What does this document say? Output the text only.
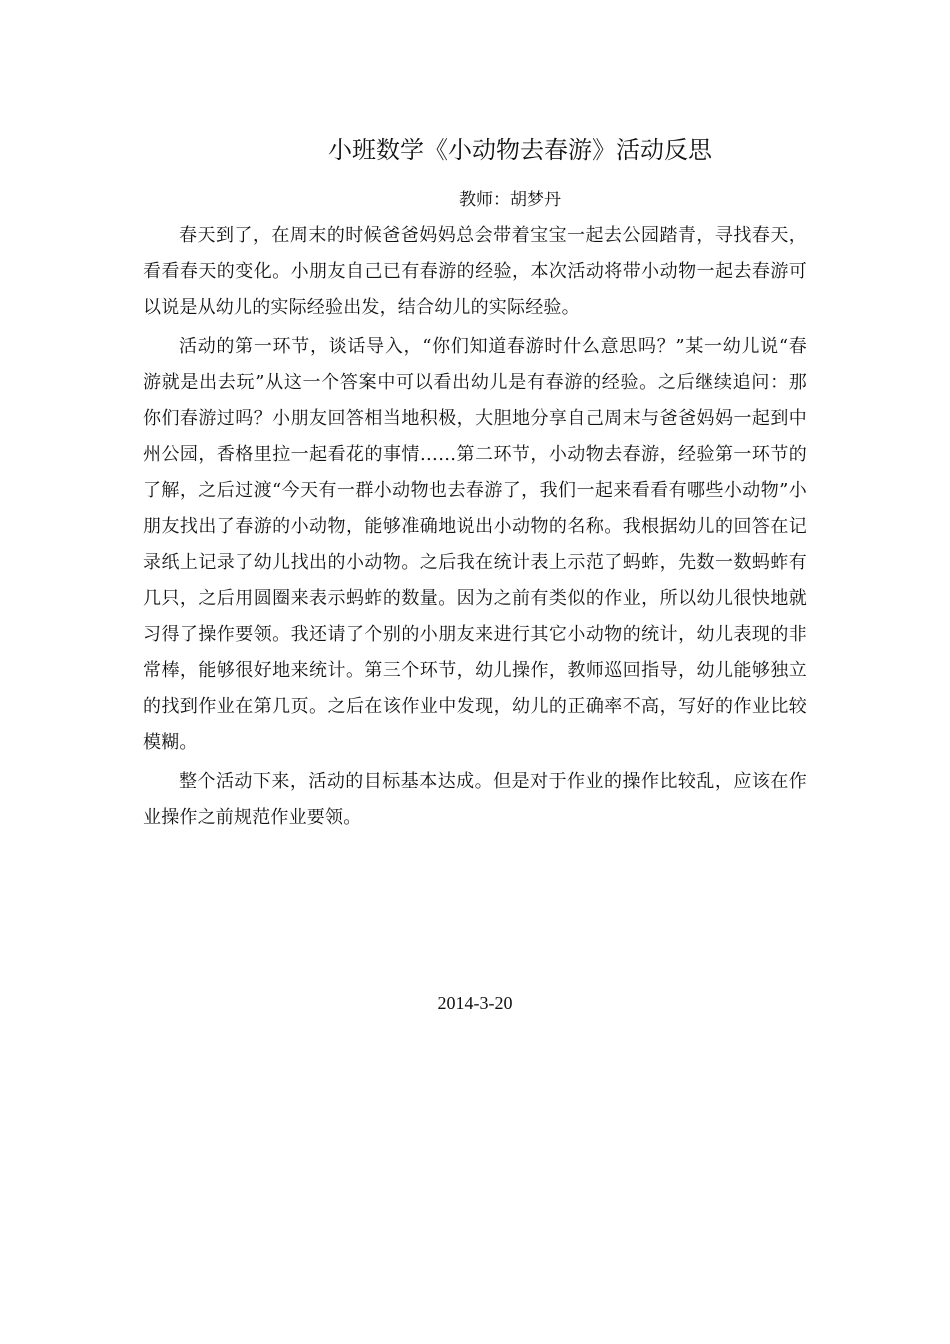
小班数学《小动物去春游》活动反思
教师：胡梦丹

春天到了，在周末的时候爸爸妈妈总会带着宝宝一起去公园踏青，寻找春天，看看春天的变化。小朋友自己已有春游的经验，本次活动将带小动物一起去春游可以说是从幼儿的实际经验出发，结合幼儿的实际经验。

活动的第一环节，谈话导入，“你们知道春游时什么意思吗？”某一幼儿说“春游就是出去玩”从这一个答案中可以看出幼儿是有春游的经验。之后继续追问：那你们春游过吗？小朋友回答相当地积极，大胆地分享自己周末与爸爸妈妈一起到中州公园，香格里拉一起看花的事情……第二环节，小动物去春游，经验第一环节的了解，之后过渡“今天有一群小动物也去春游了，我们一起来看看有哪些小动物”小朋友找出了春游的小动物，能够准确地说出小动物的名称。我根据幼儿的回答在记录纸上记录了幼儿找出的小动物。之后我在统计表上示范了蚂蚱，先数一数蚂蚱有几只，之后用圆圈来表示蚂蚱的数量。因为之前有类似的作业，所以幼儿很快地就习得了操作要领。我还请了个别的小朋友来进行其它小动物的统计，幼儿表现的非常棒，能够很好地来统计。第三个环节，幼儿操作，教师巡回指导，幼儿能够独立的找到作业在第几页。之后在该作业中发现，幼儿的正确率不高，写好的作业比较模糊。

整个活动下来，活动的目标基本达成。但是对于作业的操作比较乱，应该在作业操作之前规范作业要领。

2014-3-20
